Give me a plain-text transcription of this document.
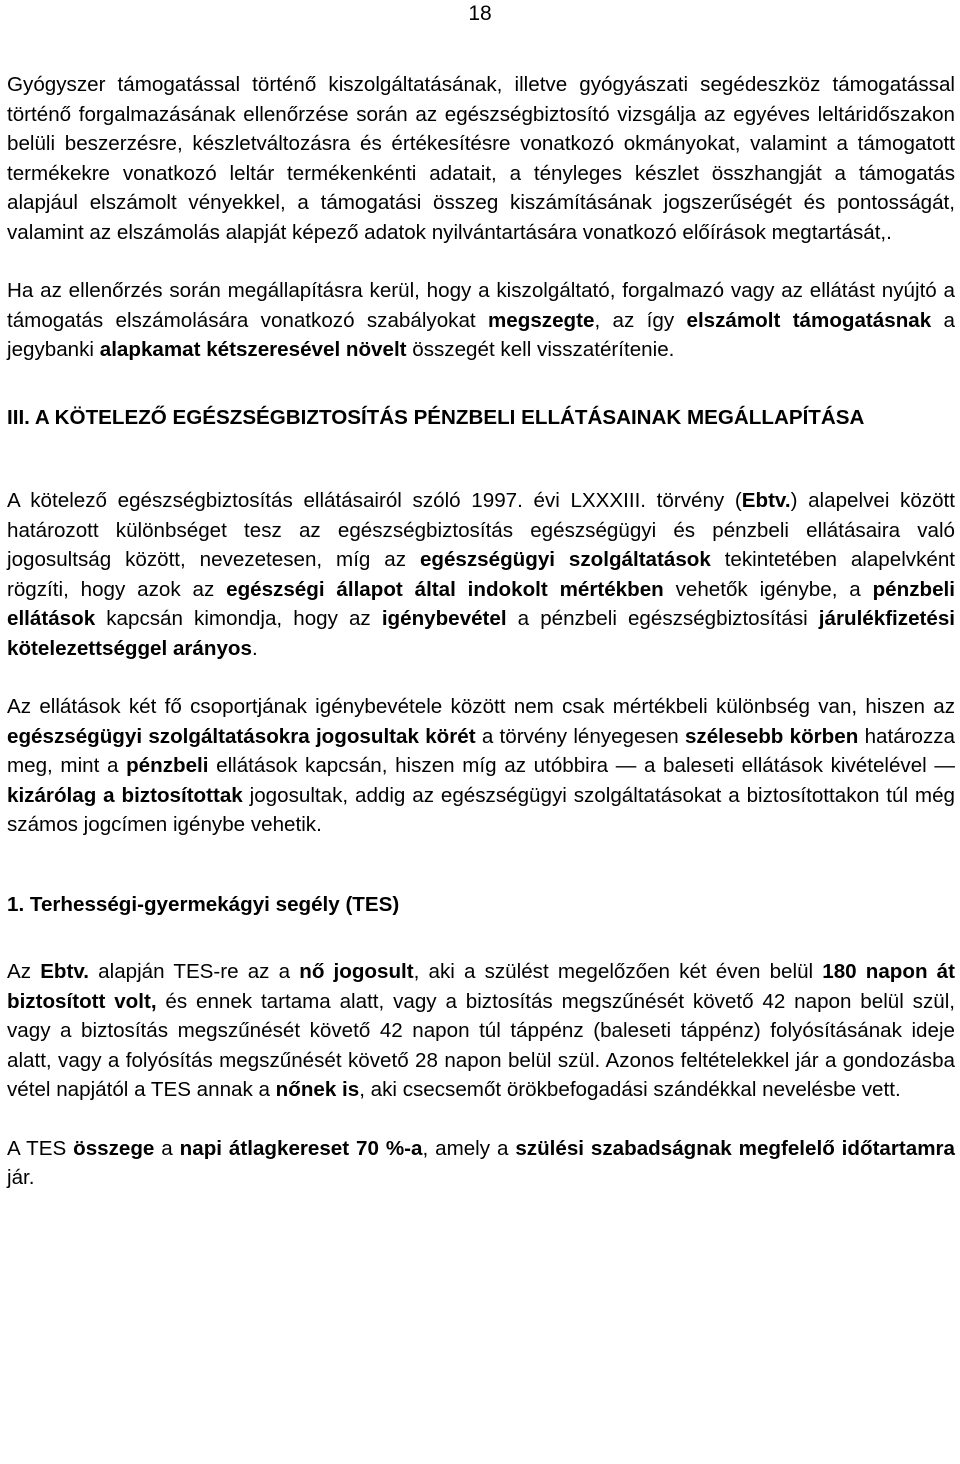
18

Gyógyszer támogatással történő kiszolgáltatásának, illetve gyógyászati segédeszköz támogatással történő forgalmazásának ellenőrzése során az egészségbiztosító vizsgálja az egyéves leltáridőszakon belüli beszerzésre, készletváltozásra és értékesítésre vonatkozó okmányokat, valamint a támogatott termékekre vonatkozó leltár termékenkénti adatait, a tényleges készlet összhangját a támogatás alapjául elszámolt vényekkel, a támogatási összeg kiszámításának jogszerűségét és pontosságát, valamint az elszámolás alapját képező adatok nyilvántartására vonatkozó előírások megtartását,.

Ha az ellenőrzés során megállapításra kerül, hogy a kiszolgáltató, forgalmazó vagy az ellátást nyújtó a támogatás elszámolására vonatkozó szabályokat megszegte, az így elszámolt támogatásnak a jegybanki alapkamat kétszeresével növelt összegét kell visszatérítenie.

III. A KÖTELEZŐ EGÉSZSÉGBIZTOSÍTÁS PÉNZBELI ELLÁTÁSAINAK MEGÁLLAPÍTÁSA

A kötelező egészségbiztosítás ellátásairól szóló 1997. évi LXXXIII. törvény (Ebtv.) alapelvei között határozott különbséget tesz az egészségbiztosítás egészségügyi és pénzbeli ellátásaira való jogosultság között, nevezetesen, míg az egészségügyi szolgáltatások tekintetében alapelvként rögzíti, hogy azok az egészségi állapot által indokolt mértékben vehetők igénybe, a pénzbeli ellátások kapcsán kimondja, hogy az igénybevétel a pénzbeli egészségbiztosítási járulékfizetési kötelezettséggel arányos.

Az ellátások két fő csoportjának igénybevétele között nem csak mértékbeli különbség van, hiszen az egészségügyi szolgáltatásokra jogosultak körét a törvény lényegesen szélesebb körben határozza meg, mint a pénzbeli ellátások kapcsán, hiszen míg az utóbbira — a baleseti ellátások kivételével — kizárólag a biztosítottak jogosultak, addig az egészségügyi szolgáltatásokat a biztosítottakon túl még számos jogcímen igénybe vehetik.

1. Terhességi-gyermekágyi segély (TES)

Az Ebtv. alapján TES-re az a nő jogosult, aki a szülést megelőzően két éven belül 180 napon át biztosított volt, és ennek tartama alatt, vagy a biztosítás megszűnését követő 42 napon belül szül, vagy a biztosítás megszűnését követő 42 napon túl táppénz (baleseti táppénz) folyósításának ideje alatt, vagy a folyósítás megszűnését követő 28 napon belül szül. Azonos feltételekkel jár a gondozásba vétel napjától a TES annak a nőnek is, aki csecsemőt örökbefogadási szándékkal nevelésbe vett.

A TES összege a napi átlagkereset 70 %-a, amely a szülési szabadságnak megfelelő időtartamra jár.
